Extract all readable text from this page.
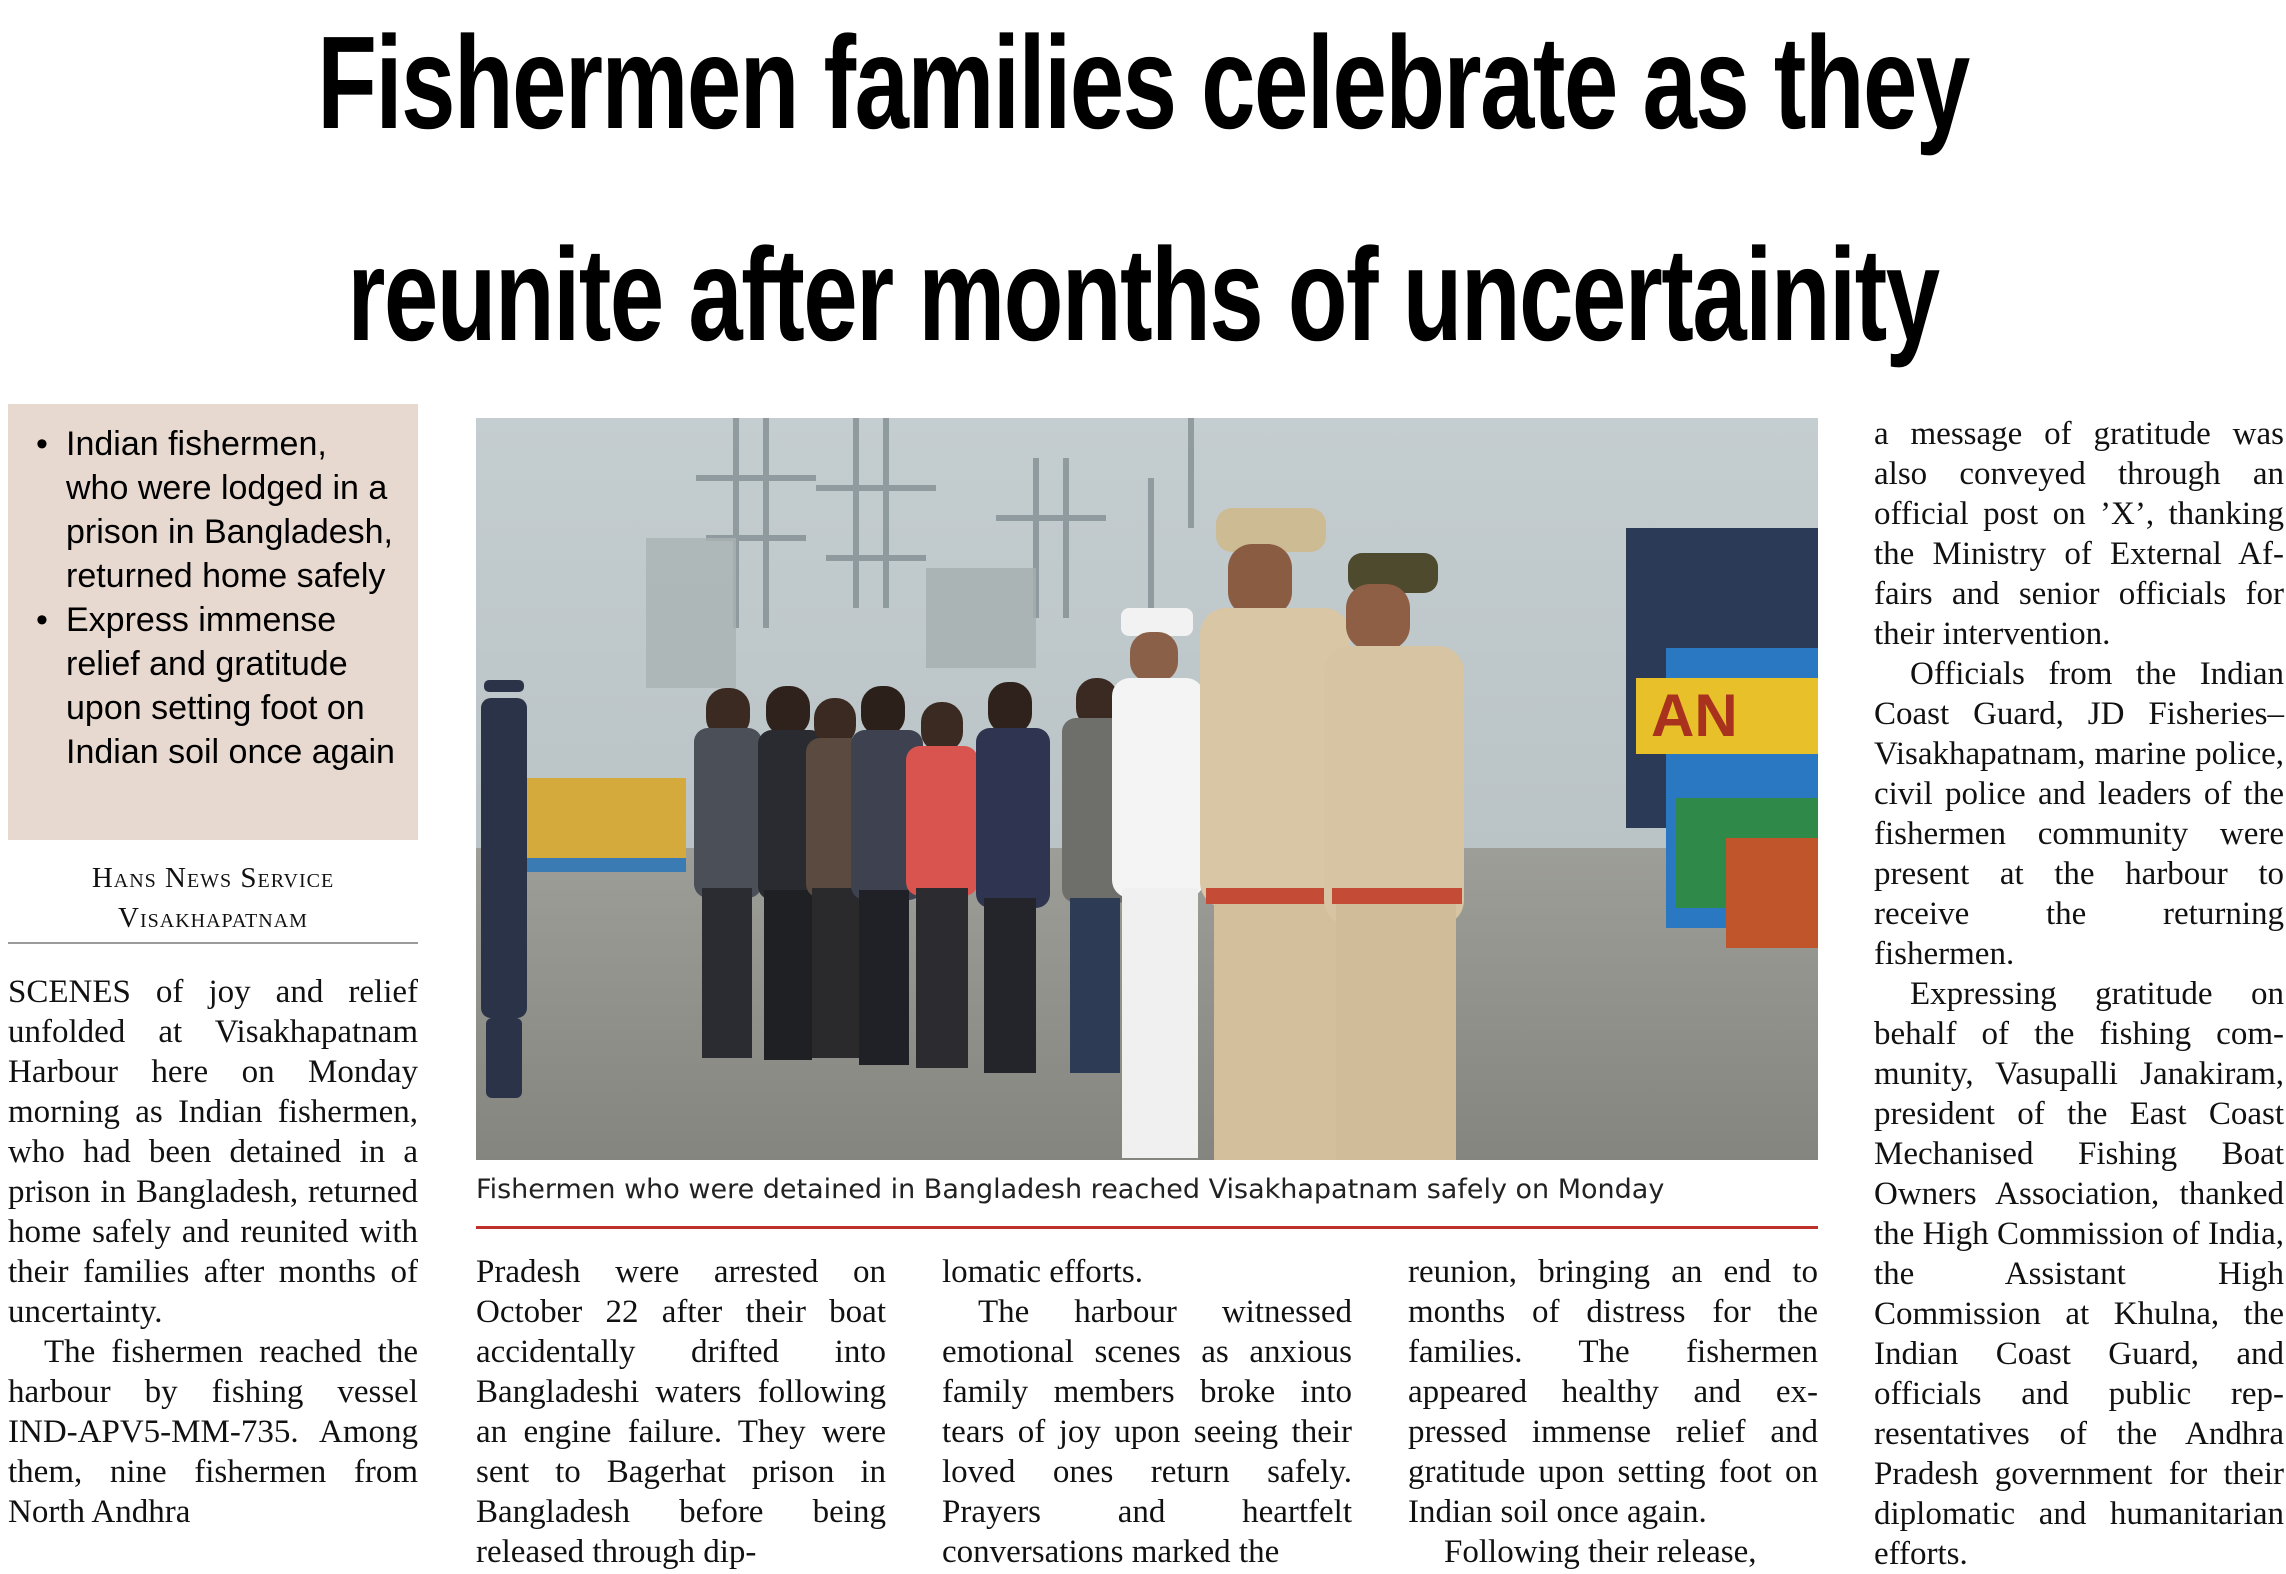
Fishermen families celebrate as they
reunite after months of uncertainity
• Indian fishermen, who were lodged in a prison in Bangladesh, returned home safely
• Express immense relief and gratitude upon setting foot on Indian soil once again
Hans News Service
Visakhapatnam

SCENES of joy and relief unfolded at Visakhapatnam Harbour here on Monday morning as Indian fishermen, who had been detained in a prison in Bangladesh, returned home safely and reunited with their families after months of uncertainty.

The fishermen reached the harbour by fishing vessel IND-APV5-MM-735. Among them, nine fishermen from North Andhra

AN
Fishermen who were detained in Bangladesh reached Visakhapatnam safely on Monday

Pradesh were arrested on October 22 after their boat accidentally drifted into Bangladeshi waters following an engine failure. They were sent to Bagerhat prison in Bangladesh before being released through dip-

lomatic efforts.

The harbour witnessed emotional scenes as anxious family members broke into tears of joy upon seeing their loved ones return safely. Prayers and heartfelt conversations marked the

reunion, bringing an end to months of distress for the families. The fishermen appeared healthy and expressed immense relief and gratitude upon setting foot on Indian soil once again.

Following their release,

a message of gratitude was also conveyed through an official post on ’X’, thanking the Ministry of External Affairs and senior officials for their intervention.

Officials from the Indian Coast Guard, JD Fisheries–Visakhapatnam, marine police, civil police and leaders of the fishermen community were present at the harbour to receive the returning fishermen.

Expressing gratitude on behalf of the fishing community, Vasupalli Janakiram, president of the East Coast Mechanised Fishing Boat Owners Association, thanked the High Commission of India, the Assistant High Commission at Khulna, the Indian Coast Guard, and officials and public representatives of the Andhra Pradesh government for their diplomatic and humanitarian efforts.
